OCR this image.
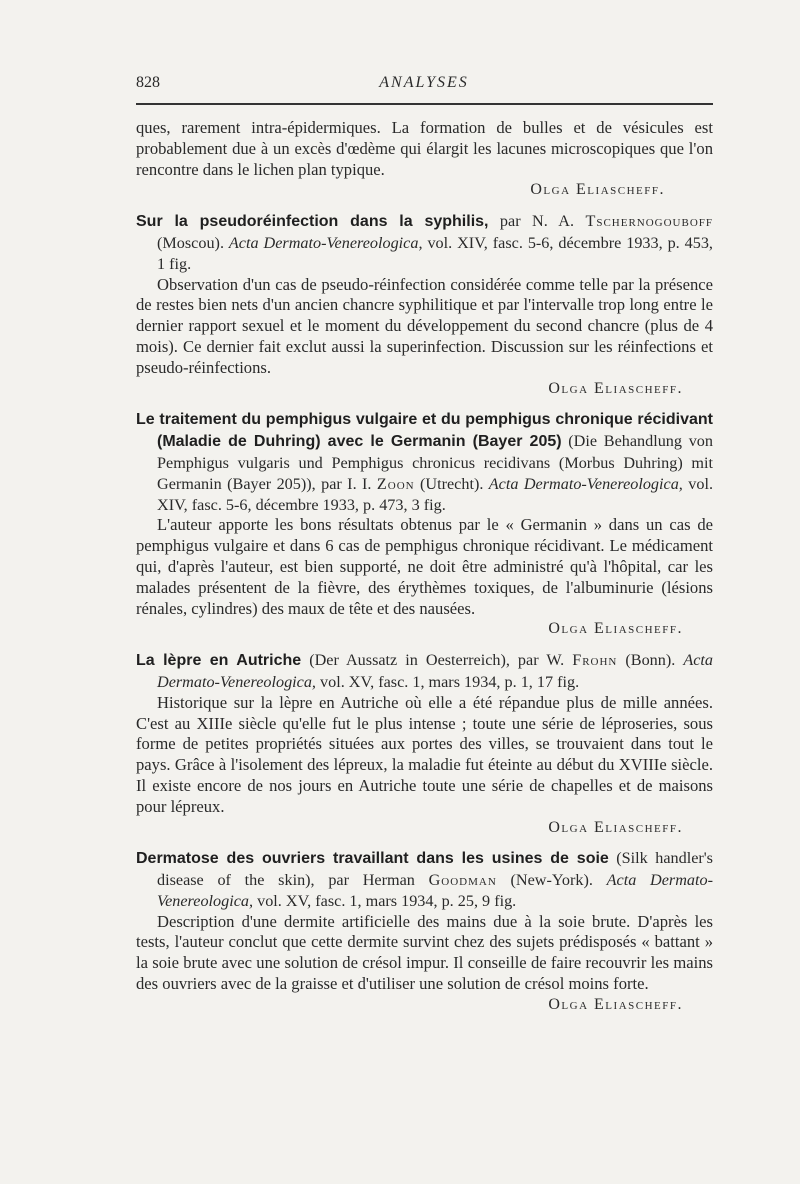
828	ANALYSES

ques, rarement intra-épidermiques. La formation de bulles et de vésicules est probablement due à un excès d'œdème qui élargit les lacunes microscopiques que l'on rencontre dans le lichen plan typique.

Olga Eliascheff.

Sur la pseudoréinfection dans la syphilis, par N. A. Tschernogouboff (Moscou). Acta Dermato-Venereologica, vol. XIV, fasc. 5-6, décembre 1933, p. 453, 1 fig.

Observation d'un cas de pseudo-réinfection considérée comme telle par la présence de restes bien nets d'un ancien chancre syphilitique et par l'intervalle trop long entre le dernier rapport sexuel et le moment du développement du second chancre (plus de 4 mois). Ce dernier fait exclut aussi la superinfection. Discussion sur les réinfections et pseudo-réinfections.

Olga Eliascheff.

Le traitement du pemphigus vulgaire et du pemphigus chronique récidivant (Maladie de Duhring) avec le Germanin (Bayer 205) (Die Behandlung von Pemphigus vulgaris und Pemphigus chronicus recidivans (Morbus Duhring) mit Germanin (Bayer 205)), par I. I. Zoon (Utrecht). Acta Dermato-Venereologica, vol. XIV, fasc. 5-6, décembre 1933, p. 473, 3 fig.

L'auteur apporte les bons résultats obtenus par le « Germanin » dans un cas de pemphigus vulgaire et dans 6 cas de pemphigus chronique récidivant. Le médicament qui, d'après l'auteur, est bien supporté, ne doit être administré qu'à l'hôpital, car les malades présentent de la fièvre, des érythèmes toxiques, de l'albuminurie (lésions rénales, cylindres) des maux de tête et des nausées.

Olga Eliascheff.

La lèpre en Autriche (Der Aussatz in Oesterreich), par W. Frohn (Bonn). Acta Dermato-Venereologica, vol. XV, fasc. 1, mars 1934, p. 1, 17 fig.

Historique sur la lèpre en Autriche où elle a été répandue plus de mille années. C'est au XIIIe siècle qu'elle fut le plus intense ; toute une série de léproseries, sous forme de petites propriétés situées aux portes des villes, se trouvaient dans tout le pays. Grâce à l'isolement des lépreux, la maladie fut éteinte au début du XVIIIe siècle. Il existe encore de nos jours en Autriche toute une série de chapelles et de maisons pour lépreux.

Olga Eliascheff.

Dermatose des ouvriers travaillant dans les usines de soie (Silk handler's disease of the skin), par Herman Goodman (New-York). Acta Dermato-Venereologica, vol. XV, fasc. 1, mars 1934, p. 25, 9 fig.

Description d'une dermite artificielle des mains due à la soie brute. D'après les tests, l'auteur conclut que cette dermite survint chez des sujets prédisposés « battant » la soie brute avec une solution de crésol impur. Il conseille de faire recouvrir les mains des ouvriers avec de la graisse et d'utiliser une solution de crésol moins forte.

Olga Eliascheff.
